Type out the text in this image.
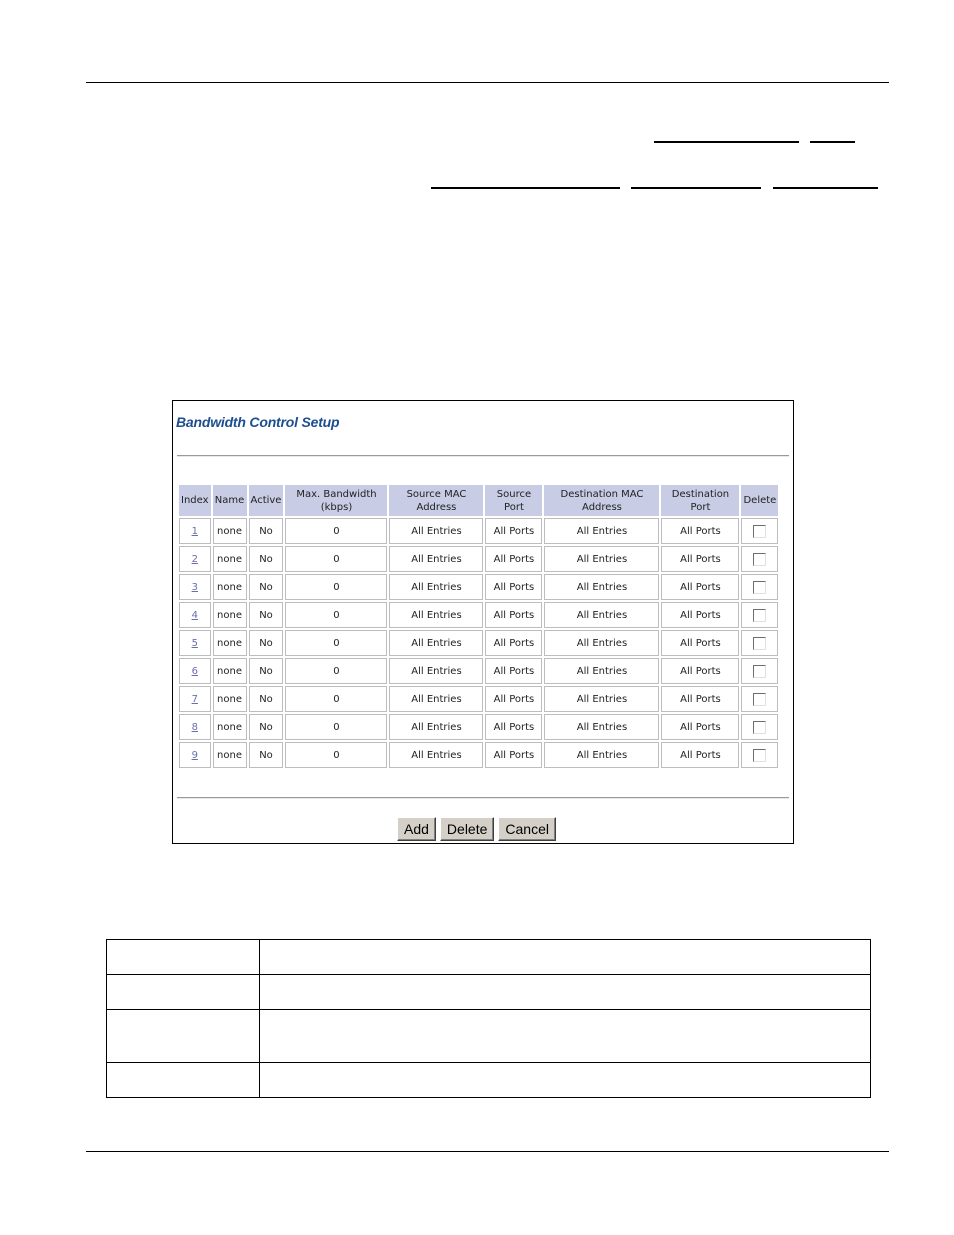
Bandwidth Control Setup
Index	Name	Active	Max. Bandwidth (kbps)	Source MAC Address	Source Port	Destination MAC Address	Destination Port	Delete
1	none	No	0	All Entries	All Ports	All Entries	All Ports	
2	none	No	0	All Entries	All Ports	All Entries	All Ports	
3	none	No	0	All Entries	All Ports	All Entries	All Ports	
4	none	No	0	All Entries	All Ports	All Entries	All Ports	
5	none	No	0	All Entries	All Ports	All Entries	All Ports	
6	none	No	0	All Entries	All Ports	All Entries	All Ports	
7	none	No	0	All Entries	All Ports	All Entries	All Ports	
8	none	No	0	All Entries	All Ports	All Entries	All Ports	
9	none	No	0	All Entries	All Ports	All Entries	All Ports	
Add	Delete	Cancel
